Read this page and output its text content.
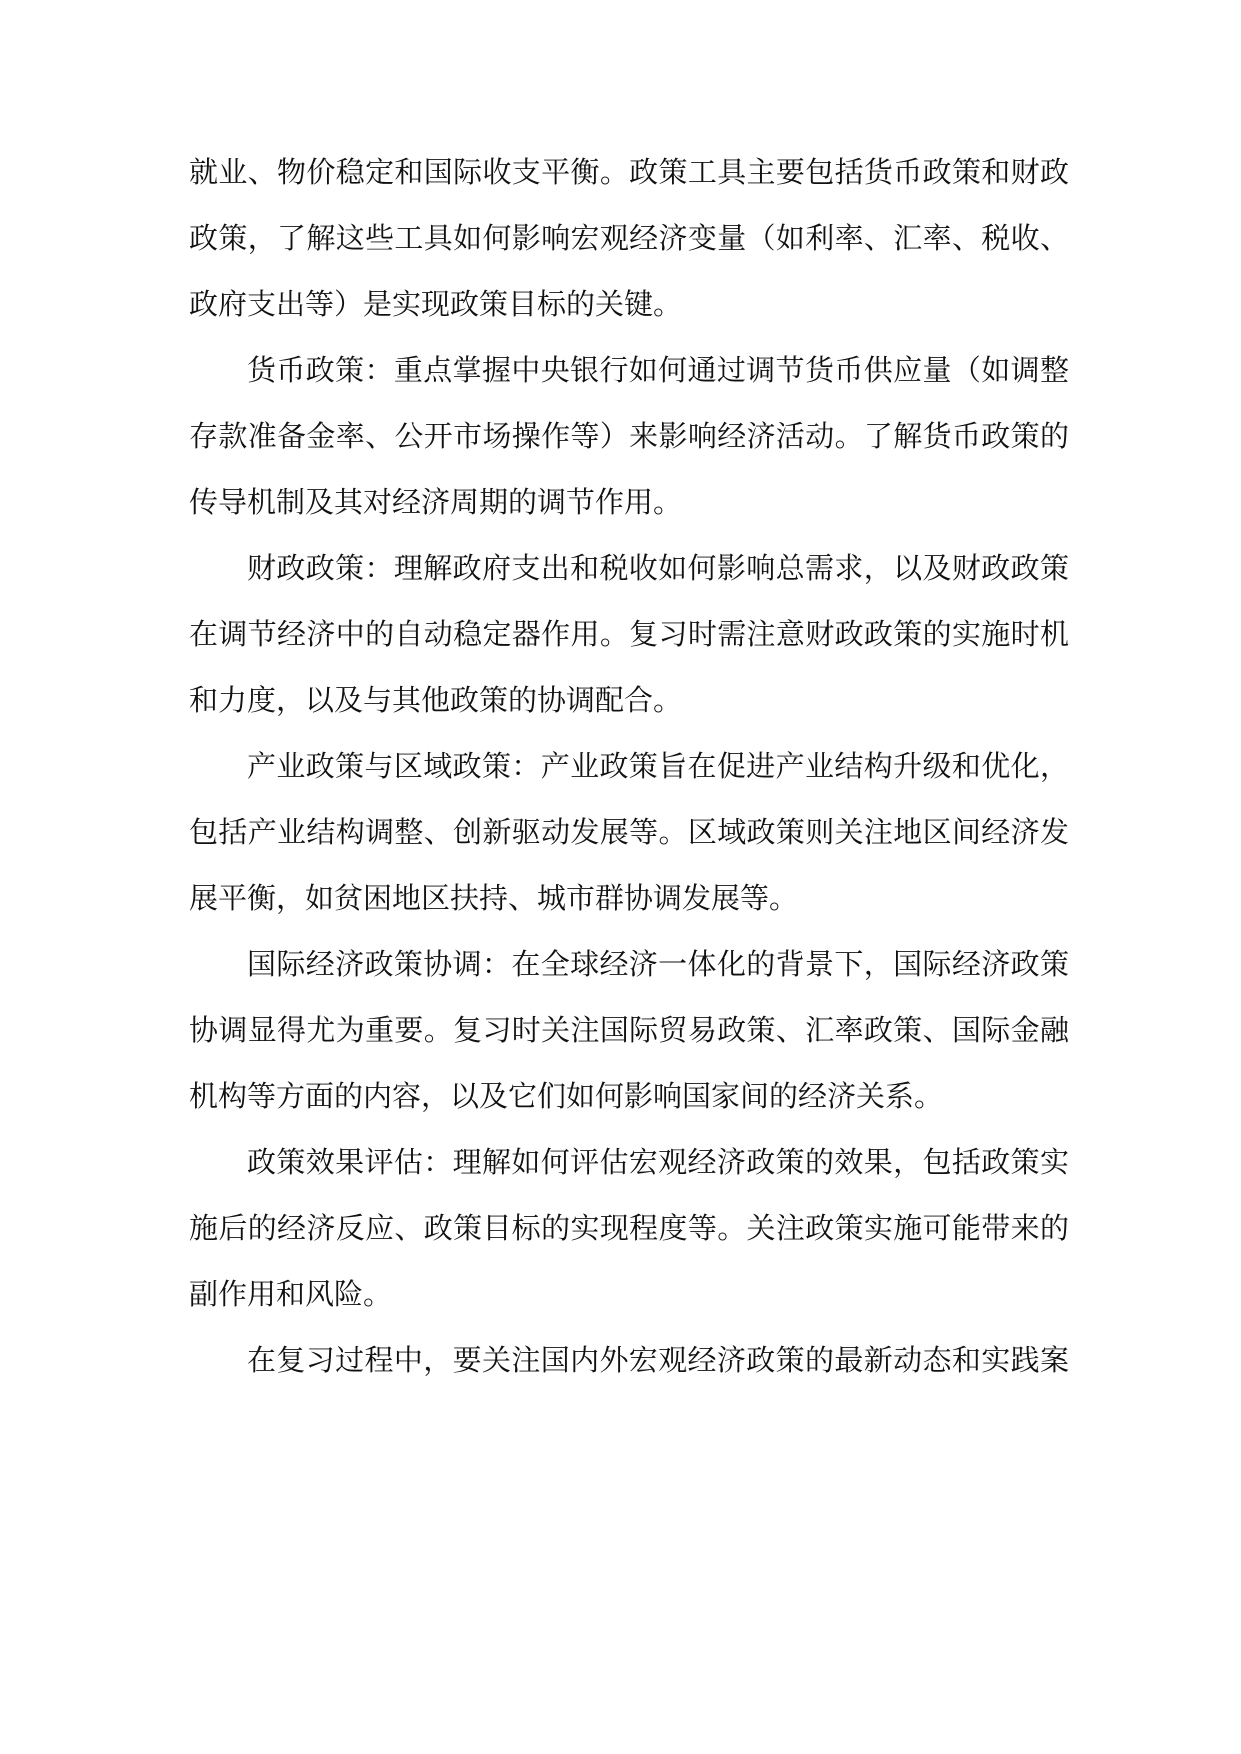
就业、物价稳定和国际收支平衡。政策工具主要包括货币政策和财政
政策，了解这些工具如何影响宏观经济变量（如利率、汇率、税收、
政府支出等）是实现政策目标的关键。
货币政策：重点掌握中央银行如何通过调节货币供应量（如调整
存款准备金率、公开市场操作等）来影响经济活动。了解货币政策的
传导机制及其对经济周期的调节作用。
财政政策：理解政府支出和税收如何影响总需求，以及财政政策
在调节经济中的自动稳定器作用。复习时需注意财政政策的实施时机
和力度，以及与其他政策的协调配合。
产业政策与区域政策：产业政策旨在促进产业结构升级和优化，
包括产业结构调整、创新驱动发展等。区域政策则关注地区间经济发
展平衡，如贫困地区扶持、城市群协调发展等。
国际经济政策协调：在全球经济一体化的背景下，国际经济政策
协调显得尤为重要。复习时关注国际贸易政策、汇率政策、国际金融
机构等方面的内容，以及它们如何影响国家间的经济关系。
政策效果评估：理解如何评估宏观经济政策的效果，包括政策实
施后的经济反应、政策目标的实现程度等。关注政策实施可能带来的
副作用和风险。
在复习过程中，要关注国内外宏观经济政策的最新动态和实践案
